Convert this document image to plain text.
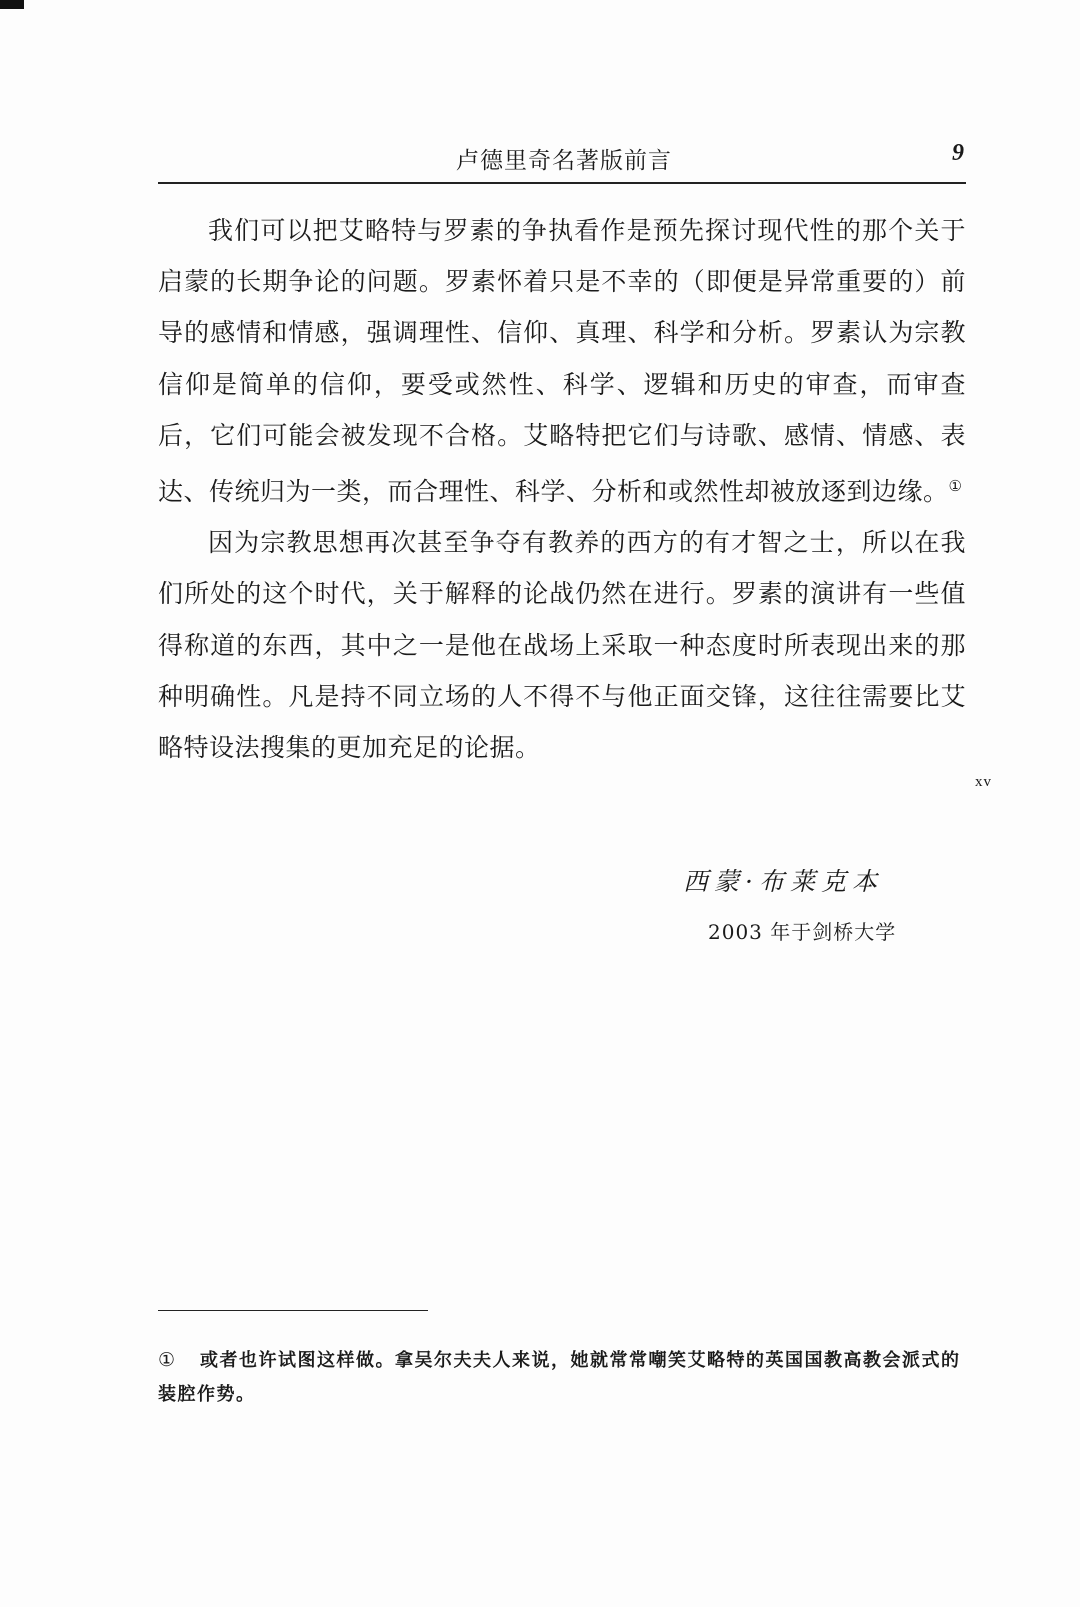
卢德里奇名著版前言	9

我们可以把艾略特与罗素的争执看作是预先探讨现代性的那个关于启蒙的长期争论的问题。罗素怀着只是不幸的（即便是异常重要的）前导的感情和情感，强调理性、信仰、真理、科学和分析。罗素认为宗教信仰是简单的信仰，要受或然性、科学、逻辑和历史的审查，而审查后，它们可能会被发现不合格。艾略特把它们与诗歌、感情、情感、表达、传统归为一类，而合理性、科学、分析和或然性却被放逐到边缘。①

因为宗教思想再次甚至争夺有教养的西方的有才智之士，所以在我们所处的这个时代，关于解释的论战仍然在进行。罗素的演讲有一些值得称道的东西，其中之一是他在战场上采取一种态度时所表现出来的那种明确性。凡是持不同立场的人不得不与他正面交锋，这往往需要比艾略特设法搜集的更加充足的论据。

xv
西蒙·布莱克本
2003 年于剑桥大学

① 或者也许试图这样做。拿吴尔夫夫人来说，她就常常嘲笑艾略特的英国国教高教会派式的装腔作势。
